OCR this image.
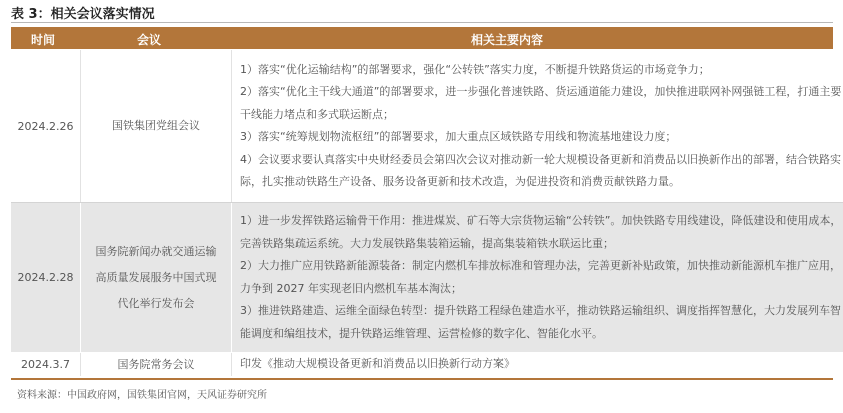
表 3：相关会议落实情况
时间	会议	相关主要内容
2024.2.26	国铁集团党组会议	1）落实“优化运输结构”的部署要求，强化“公转铁”落实力度，不断提升铁路货运的市场竞争力；
2）落实“优化主干线大通道”的部署要求，进一步强化普速铁路、货运通道能力建设，加快推进联网补网强链工程，打通主要干线能力堵点和多式联运断点；
3）落实“统筹规划物流枢纽”的部署要求，加大重点区域铁路专用线和物流基地建设力度；
4）会议要求要认真落实中央财经委员会第四次会议对推动新一轮大规模设备更新和消费品以旧换新作出的部署，结合铁路实际，扎实推动铁路生产设备、服务设备更新和技术改造，为促进投资和消费贡献铁路力量。

2024.2.28	国务院新闻办就交通运输高质量发展服务中国式现代化举行发布会	1）进一步发挥铁路运输骨干作用：推进煤炭、矿石等大宗货物运输“公转铁”。加快铁路专用线建设，降低建设和使用成本，完善铁路集疏运系统。大力发展铁路集装箱运输，提高集装箱铁水联运比重；
2）大力推广应用铁路新能源装备：制定内燃机车排放标准和管理办法，完善更新补贴政策，加快推动新能源机车推广应用，力争到 2027 年实现老旧内燃机车基本淘汰；
3）推进铁路建造、运维全面绿色转型：提升铁路工程绿色建造水平，推动铁路运输组织、调度指挥智慧化，大力发展列车智能调度和编组技术，提升铁路运维管理、运营检修的数字化、智能化水平。

2024.3.7	国务院常务会议	印发《推动大规模设备更新和消费品以旧换新行动方案》
资料来源：中国政府网，国铁集团官网，天风证券研究所
